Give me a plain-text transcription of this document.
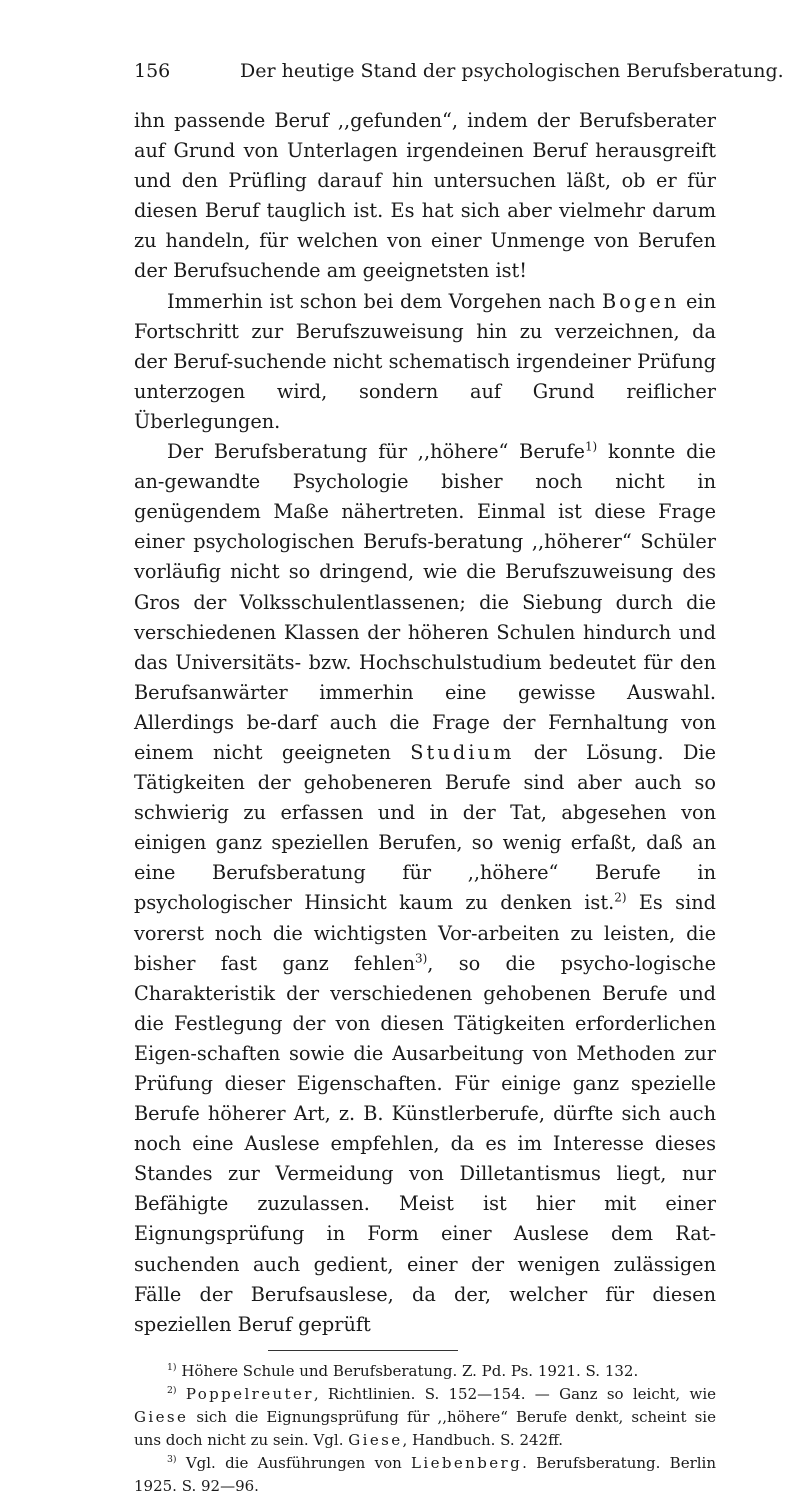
156	Der heutige Stand der psychologischen Berufsberatung.

ihn passende Beruf ,,gefunden“, indem der Berufsberater auf Grund von Unterlagen irgendeinen Beruf herausgreift und den Prüfling darauf hin untersuchen läßt, ob er für diesen Beruf tauglich ist. Es hat sich aber vielmehr darum zu handeln, für welchen von einer Unmenge von Berufen der Berufsuchende am geeignetsten ist!

Immerhin ist schon bei dem Vorgehen nach Bogen ein Fortschritt zur Berufszuweisung hin zu verzeichnen, da der Beruf-suchende nicht schematisch irgendeiner Prüfung unterzogen wird, sondern auf Grund reiflicher Überlegungen.

Der Berufsberatung für ,,höhere“ Berufe$^{1)}$ konnte die an-gewandte Psychologie bisher noch nicht in genügendem Maße nähertreten. Einmal ist diese Frage einer psychologischen Berufs-beratung ,,höherer“ Schüler vorläufig nicht so dringend, wie die Berufszuweisung des Gros der Volksschulentlassenen; die Siebung durch die verschiedenen Klassen der höheren Schulen hindurch und das Universitäts- bzw. Hochschulstudium bedeutet für den Berufsanwärter immerhin eine gewisse Auswahl. Allerdings be-darf auch die Frage der Fernhaltung von einem nicht geeigneten Studium der Lösung. Die Tätigkeiten der gehobeneren Berufe sind aber auch so schwierig zu erfassen und in der Tat, abgesehen von einigen ganz speziellen Berufen, so wenig erfaßt, daß an eine Berufsberatung für ,,höhere“ Berufe in psychologischer Hinsicht kaum zu denken ist.$^{2)}$ Es sind vorerst noch die wichtigsten Vor-arbeiten zu leisten, die bisher fast ganz fehlen$^{3)}$, so die psycho-logische Charakteristik der verschiedenen gehobenen Berufe und die Festlegung der von diesen Tätigkeiten erforderlichen Eigen-schaften sowie die Ausarbeitung von Methoden zur Prüfung dieser Eigenschaften. Für einige ganz spezielle Berufe höherer Art, z. B. Künstlerberufe, dürfte sich auch noch eine Auslese empfehlen, da es im Interesse dieses Standes zur Vermeidung von Dilletantismus liegt, nur Befähigte zuzulassen. Meist ist hier mit einer Eignungsprüfung in Form einer Auslese dem Rat-suchenden auch gedient, einer der wenigen zulässigen Fälle der Berufsauslese, da der, welcher für diesen speziellen Beruf geprüft

$^{1)}$ Höhere Schule und Berufsberatung. Z. Pd. Ps. 1921. S. 132.

$^{2)}$ Poppelreuter, Richtlinien. S. 152—154. — Ganz so leicht, wie Giese sich die Eignungsprüfung für ,,höhere“ Berufe denkt, scheint sie uns doch nicht zu sein. Vgl. Giese, Handbuch. S. 242ff.

$^{3)}$ Vgl. die Ausführungen von Liebenberg. Berufsberatung. Berlin 1925. S. 92—96.
